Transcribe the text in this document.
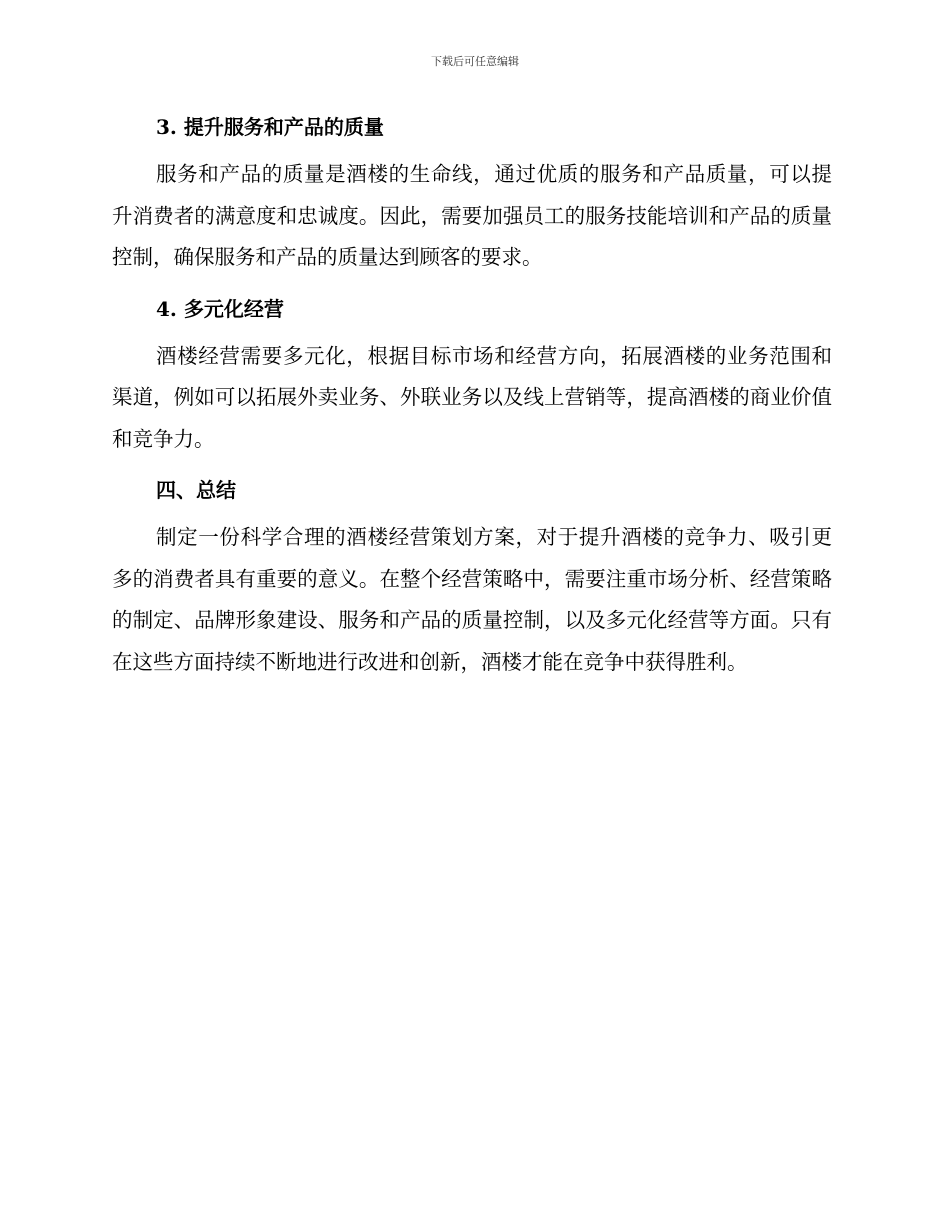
下载后可任意编辑
3. 提升服务和产品的质量

服务和产品的质量是酒楼的生命线，通过优质的服务和产品质量，可以提升消费者的满意度和忠诚度。因此，需要加强员工的服务技能培训和产品的质量控制，确保服务和产品的质量达到顾客的要求。

4. 多元化经营

酒楼经营需要多元化，根据目标市场和经营方向，拓展酒楼的业务范围和渠道，例如可以拓展外卖业务、外联业务以及线上营销等，提高酒楼的商业价值和竞争力。

四、总结

制定一份科学合理的酒楼经营策划方案，对于提升酒楼的竞争力、吸引更多的消费者具有重要的意义。在整个经营策略中，需要注重市场分析、经营策略的制定、品牌形象建设、服务和产品的质量控制，以及多元化经营等方面。只有在这些方面持续不断地进行改进和创新，酒楼才能在竞争中获得胜利。
